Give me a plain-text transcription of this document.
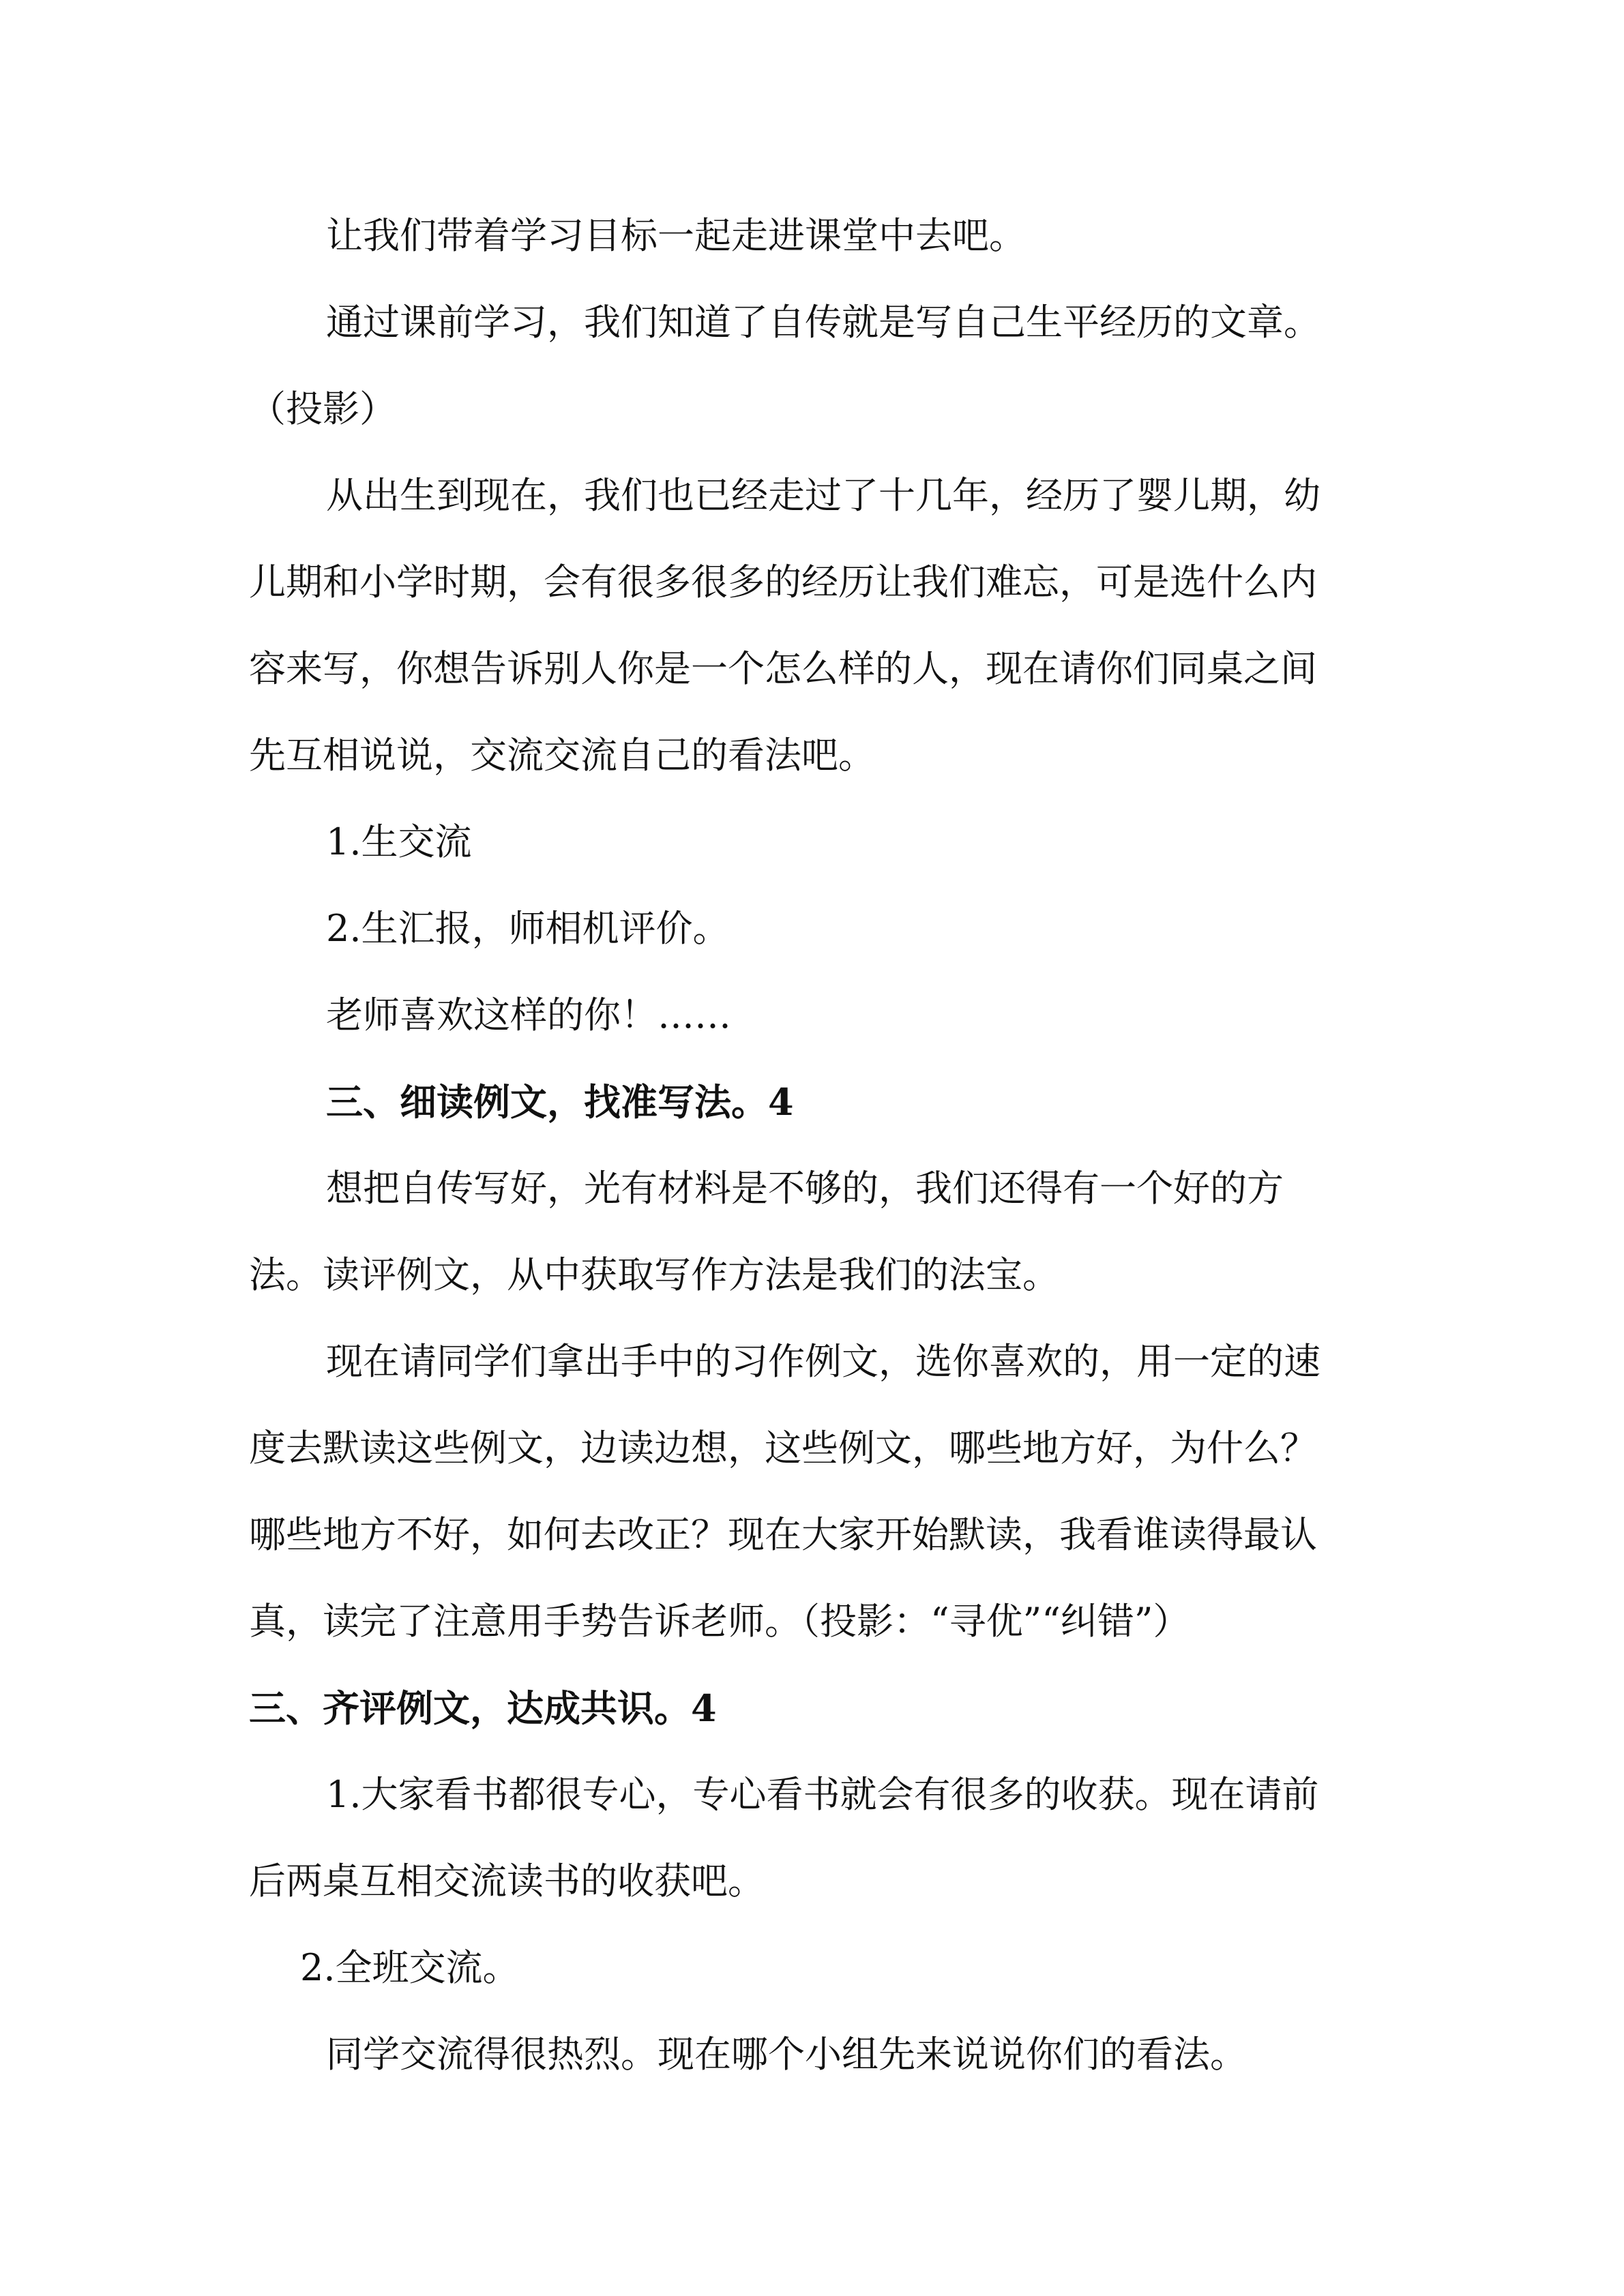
让我们带着学习目标一起走进课堂中去吧。
通过课前学习，我们知道了自传就是写自己生平经历的文章。
（投影）
从出生到现在，我们也已经走过了十几年，经历了婴儿期，幼
儿期和小学时期，会有很多很多的经历让我们难忘，可是选什么内
容来写，你想告诉别人你是一个怎么样的人，现在请你们同桌之间
先互相说说，交流交流自己的看法吧。
1.生交流
2.生汇报，师相机评价。
老师喜欢这样的你！……
三、细读例文，找准写法。4
想把自传写好，光有材料是不够的，我们还得有一个好的方
法。读评例文，从中获取写作方法是我们的法宝。
现在请同学们拿出手中的习作例文，选你喜欢的，用一定的速
度去默读这些例文，边读边想，这些例文，哪些地方好，为什么？
哪些地方不好，如何去改正？现在大家开始默读，我看谁读得最认
真，读完了注意用手势告诉老师。（投影：“寻优”“纠错”）
三、齐评例文，达成共识。4
1.大家看书都很专心，专心看书就会有很多的收获。现在请前
后两桌互相交流读书的收获吧。
2.全班交流。
同学交流得很热烈。现在哪个小组先来说说你们的看法。
